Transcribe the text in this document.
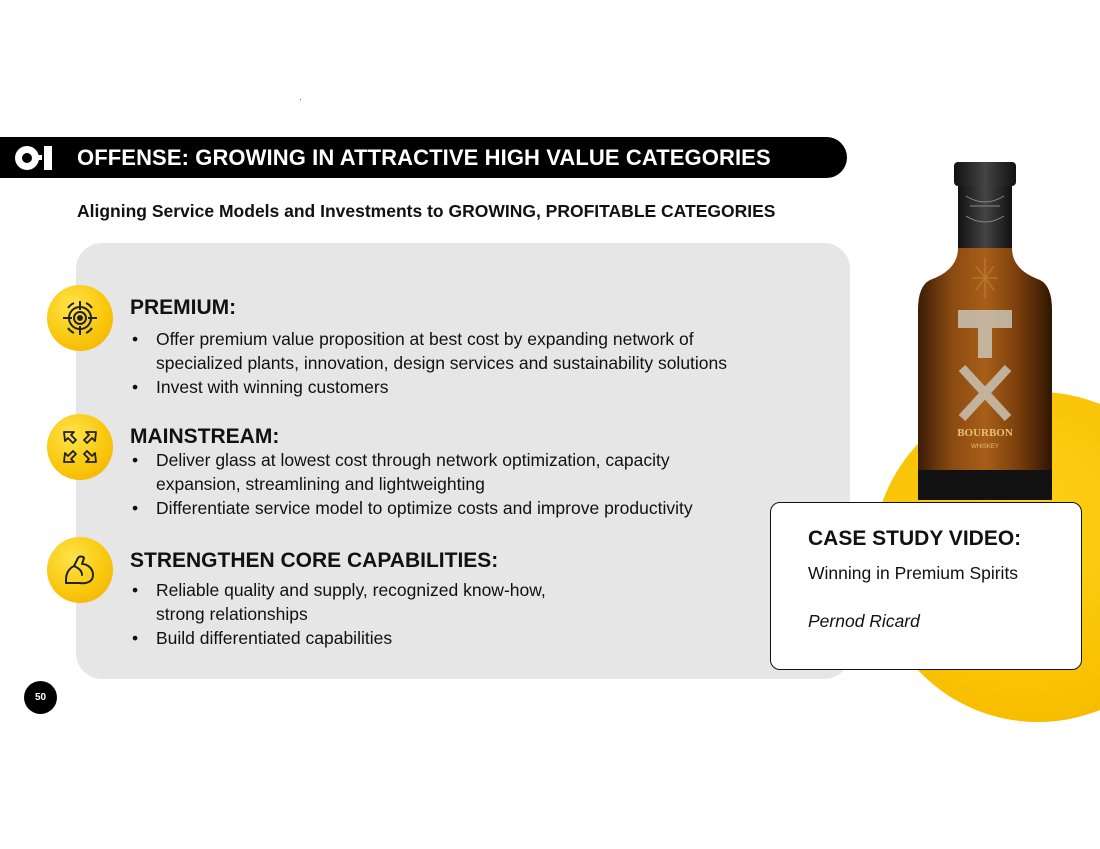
OFFENSE: GROWING IN ATTRACTIVE HIGH VALUE CATEGORIES
Aligning Service Models and Investments to GROWING, PROFITABLE CATEGORIES
PREMIUM:
• Offer premium value proposition at best cost by expanding network of
specialized plants, innovation, design services and sustainability solutions
• Invest with winning customers
MAINSTREAM:
• Deliver glass at lowest cost through network optimization, capacity
expansion, streamlining and lightweighting
• Differentiate service model to optimize costs and improve productivity
STRENGTHEN CORE CAPABILITIES:
• Reliable quality and supply, recognized know-how,
strong relationships
• Build differentiated capabilities
BOURBON
WHISKEY
CASE STUDY VIDEO:
Winning in Premium Spirits
Pernod Ricard
50
